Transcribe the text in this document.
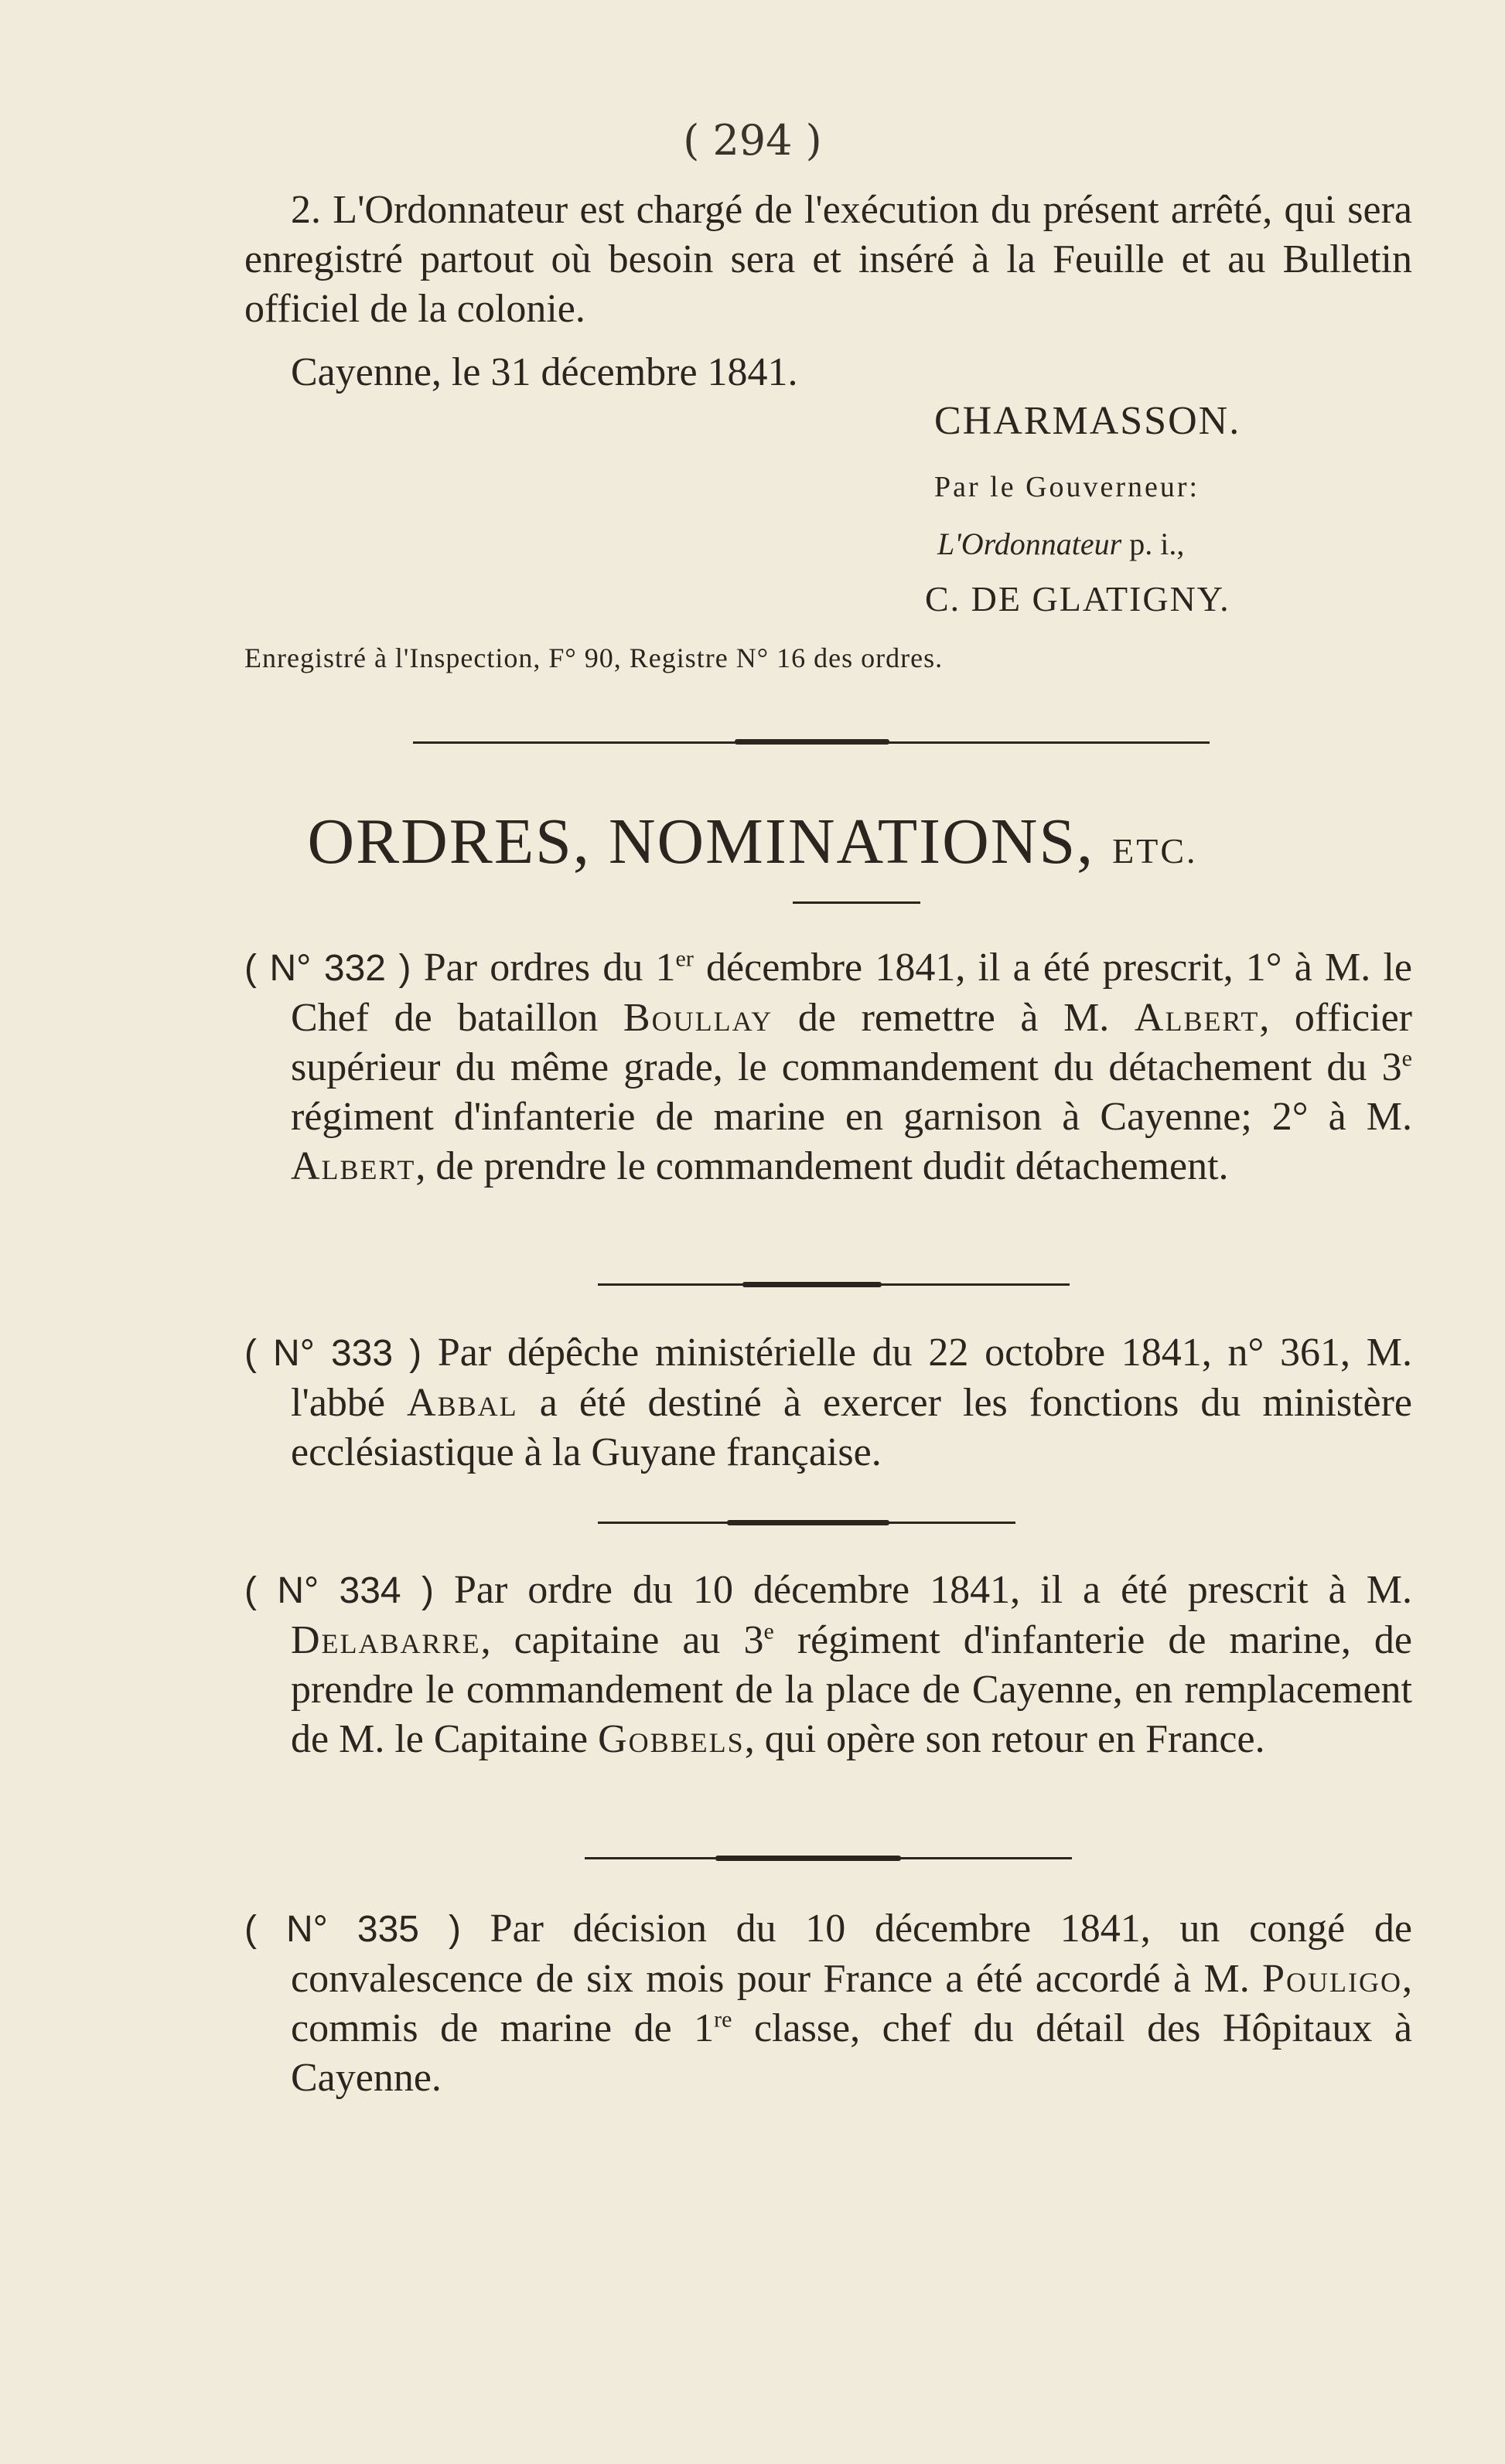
( 294 )

2. L'Ordonnateur est chargé de l'exécution du présent arrêté, qui sera enregistré partout où besoin sera et inséré à la Feuille et au Bulletin officiel de la colonie.

Cayenne, le 31 décembre 1841.

CHARMASSON.
Par le Gouverneur:
L'Ordonnateur p. i.,
C. DE GLATIGNY.
Enregistré à l'Inspection, F° 90, Registre N° 16 des ordres.
ORDRES, NOMINATIONS, ETC.

( N° 332 ) Par ordres du 1er décembre 1841, il a été prescrit, 1° à M. le Chef de bataillon Boullay de remettre à M. Albert, officier supérieur du même grade, le commandement du détachement du 3e régiment d'infanterie de marine en garnison à Cayenne; 2° à M. Albert, de prendre le commandement dudit détachement.

( N° 333 ) Par dépêche ministérielle du 22 octobre 1841, n° 361, M. l'abbé Abbal a été destiné à exercer les fonctions du ministère ecclésiastique à la Guyane française.

( N° 334 ) Par ordre du 10 décembre 1841, il a été prescrit à M. Delabarre, capitaine au 3e régiment d'infanterie de marine, de prendre le commandement de la place de Cayenne, en remplacement de M. le Capitaine Gobbels, qui opère son retour en France.

( N° 335 ) Par décision du 10 décembre 1841, un congé de convalescence de six mois pour France a été accordé à M. Pouligo, commis de marine de 1re classe, chef du détail des Hôpitaux à Cayenne.
